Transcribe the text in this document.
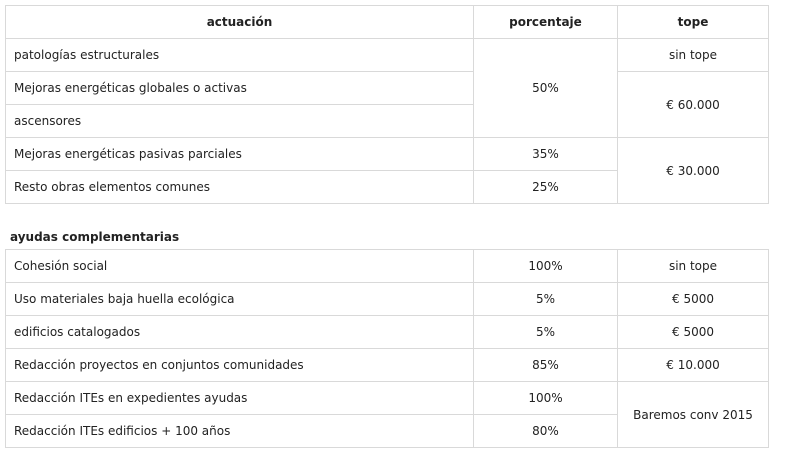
actuación	porcentaje	tope
patologías estructurales	50%	sin tope
Mejoras energéticas globales o activas		€ 60.000
ascensores		
Mejoras energéticas pasivas parciales	35%	€ 30.000
Resto obras elementos comunes	25%	
ayudas complementarias
Cohesión social	100%	sin tope
Uso materiales baja huella ecológica	5%	€ 5000
edificios catalogados	5%	€ 5000
Redacción proyectos en conjuntos comunidades	85%	€ 10.000
Redacción ITEs en expedientes ayudas	100%	Baremos conv 2015
Redacción ITEs edificios + 100 años	80%	
